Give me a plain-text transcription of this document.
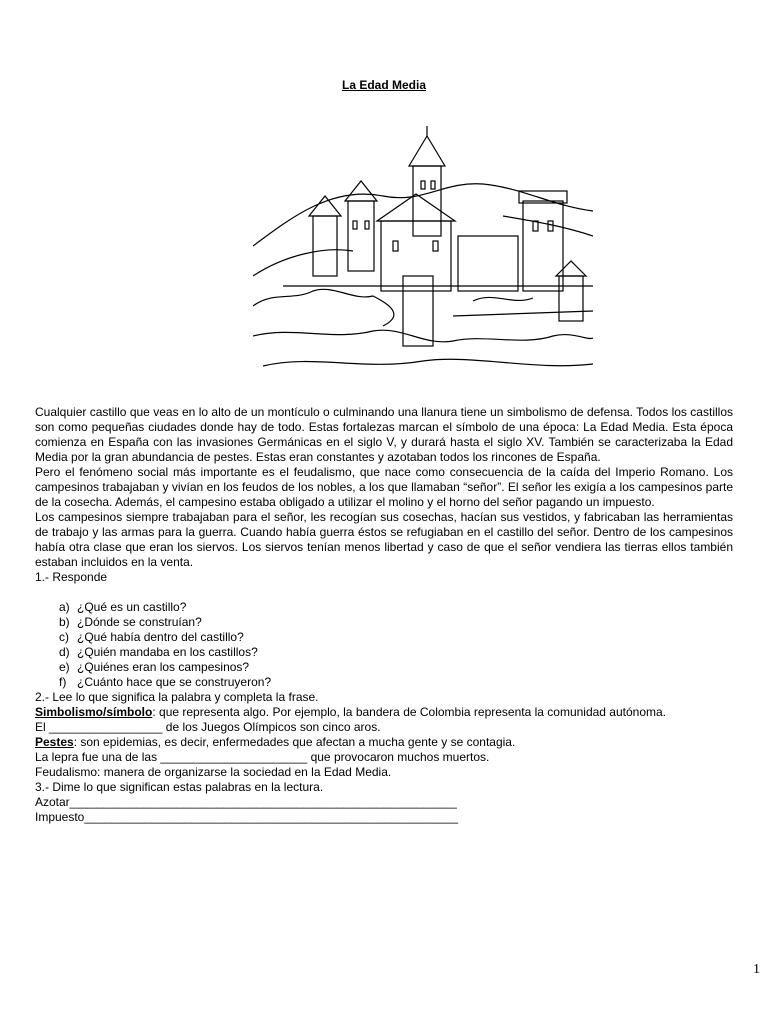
La Edad Media

Cualquier castillo que veas en lo alto de un montículo o culminando una llanura tiene un simbolismo de defensa. Todos los castillos son como pequeñas ciudades donde hay de todo. Estas fortalezas marcan el símbolo de una época: La Edad Media. Esta época comienza en España con las invasiones Germánicas en el siglo V, y durará hasta el siglo XV. También se caracterizaba la Edad Media por la gran abundancia de pestes. Estas eran constantes y azotaban todos los rincones de España.

Pero el fenómeno social más importante es el feudalismo, que nace como consecuencia de la caída del Imperio Romano. Los campesinos trabajaban y vivían en los feudos de los nobles, a los que llamaban “señor”. El señor les exigía a los campesinos parte de la cosecha. Además, el campesino estaba obligado a utilizar el molino y el horno del señor pagando un impuesto.

Los campesinos siempre trabajaban para el señor, les recogían sus cosechas, hacían sus vestidos, y fabricaban las herramientas de trabajo y las armas para la guerra. Cuando había guerra éstos se refugiaban en el castillo del señor. Dentro de los campesinos había otra clase que eran los siervos. Los siervos tenían menos libertad y caso de que el señor vendiera las tierras ellos también estaban incluidos en la venta.

1.- Responde

a) ¿Qué es un castillo?
b) ¿Dónde se construían?
c) ¿Qué había dentro del castillo?
d) ¿Quién mandaba en los castillos?
e) ¿Quiénes eran los campesinos?
f) ¿Cuánto hace que se construyeron?

2.- Lee lo que significa la palabra y completa la frase.

Simbolismo/símbolo: que representa algo. Por ejemplo, la bandera de Colombia representa la comunidad autónoma.

El _________________ de los Juegos Olímpicos son cinco aros.

Pestes: son epidemias, es decir, enfermedades que afectan a mucha gente y se contagia.

La lepra fue una de las ______________________ que provocaron muchos muertos.

Feudalismo: manera de organizarse la sociedad en la Edad Media.

3.- Dime lo que significan estas palabras en la lectura.

Azotar__________________________________________________________

Impuesto________________________________________________________

1
